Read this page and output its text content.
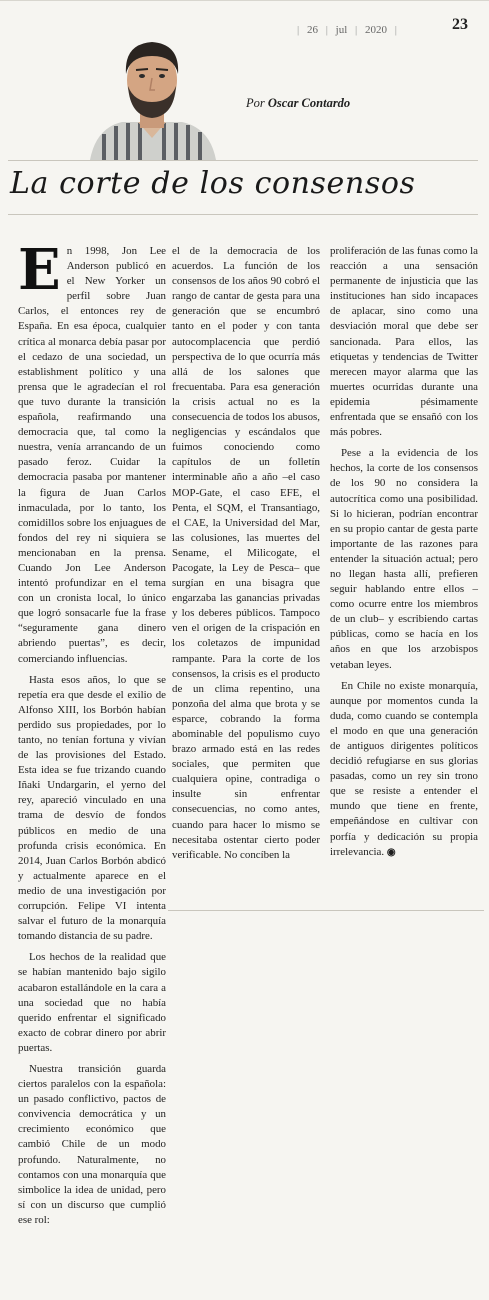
| 26 | jul | 2020 |	23
Por Oscar Contardo
La corte de los consensos

En 1998, Jon Lee Anderson publicó en el New Yorker un perfil sobre Juan Carlos, el entonces rey de España. En esa época, cualquier crítica al monarca debía pasar por el cedazo de una sociedad, un establishment político y una prensa que le agradecían el rol que tuvo durante la transición española, reafirmando una democracia que, tal como la nuestra, venía arrancando de un pasado feroz. Cuidar la democracia pasaba por mantener la figura de Juan Carlos inmaculada, por lo tanto, los comidillos sobre los enjuagues de fondos del rey ni siquiera se mencionaban en la prensa. Cuando Jon Lee Anderson intentó profundizar en el tema con un cronista local, lo único que logró sonsacarle fue la frase “seguramente gana dinero abriendo puertas”, es decir, comerciando influencias.

Hasta esos años, lo que se repetía era que desde el exilio de Alfonso XIII, los Borbón habían perdido sus propiedades, por lo tanto, no tenían fortuna y vivían de las provisiones del Estado. Esta idea se fue trizando cuando Iñaki Undargarin, el yerno del rey, apareció vinculado en una trama de desvío de fondos públicos en medio de una profunda crisis económica. En 2014, Juan Carlos Borbón abdicó y actualmente aparece en el medio de una investigación por corrupción. Felipe VI intenta salvar el futuro de la monarquía tomando distancia de su padre.

Los hechos de la realidad que se habían mantenido bajo sigilo acabaron estallándole en la cara a una sociedad que no había querido enfrentar el significado exacto de cobrar dinero por abrir puertas.

Nuestra transición guarda ciertos paralelos con la española: un pasado conflictivo, pactos de convivencia democrática y un crecimiento económico que cambió Chile de un modo profundo. Naturalmente, no contamos con una monarquía que simbolice la idea de unidad, pero sí con un discurso que cumplió ese rol:

el de la democracia de los acuerdos. La función de los consensos de los años 90 cobró el rango de cantar de gesta para una generación que se encumbró tanto en el poder y con tanta autocomplacencia que perdió perspectiva de lo que ocurría más allá de los salones que frecuentaba. Para esa generación la crisis actual no es la consecuencia de todos los abusos, negligencias y escándalos que fuimos conociendo como capítulos de un folletín interminable año a año –el caso MOP-Gate, el caso EFE, el Penta, el SQM, el Transantiago, el CAE, la Universidad del Mar, las colusiones, las muertes del Sename, el Milicogate, el Pacogate, la Ley de Pesca– que surgían en una bisagra que engarzaba las ganancias privadas y los deberes públicos. Tampoco ven el origen de la crispación en los coletazos de impunidad rampante. Para la corte de los consensos, la crisis es el producto de un clima repentino, una ponzoña del alma que brota y se esparce, cobrando la forma abominable del populismo cuyo brazo armado está en las redes sociales, que permiten que cualquiera opine, contradiga o insulte sin enfrentar consecuencias, no como antes, cuando para hacer lo mismo se necesitaba ostentar cierto poder verificable. No concíben la

proliferación de las funas como la reacción a una sensación permanente de injusticia que las instituciones han sido incapaces de aplacar, sino como una desviación moral que debe ser sancionada. Para ellos, las etiquetas y tendencias de Twitter merecen mayor alarma que las muertes ocurridas durante una epidemia pésimamente enfrentada que se ensañó con los más pobres.

Pese a la evidencia de los hechos, la corte de los consensos de los 90 no considera la autocrítica como una posibilidad. Si lo hicieran, podrían encontrar en su propio cantar de gesta parte importante de las razones para entender la situación actual; pero no llegan hasta allí, prefieren seguir hablando entre ellos –como ocurre entre los miembros de un club– y escribiendo cartas públicas, como se hacía en los años en que los arzobispos vetaban leyes.

En Chile no existe monarquía, aunque por momentos cunda la duda, como cuando se contempla el modo en que una generación de antiguos dirigentes políticos decidió refugiarse en sus glorias pasadas, como un rey sin trono que se resiste a entender el mundo que tiene en frente, empeñándose en cultivar con porfía y dedicación su propia irrelevancia. ◉
